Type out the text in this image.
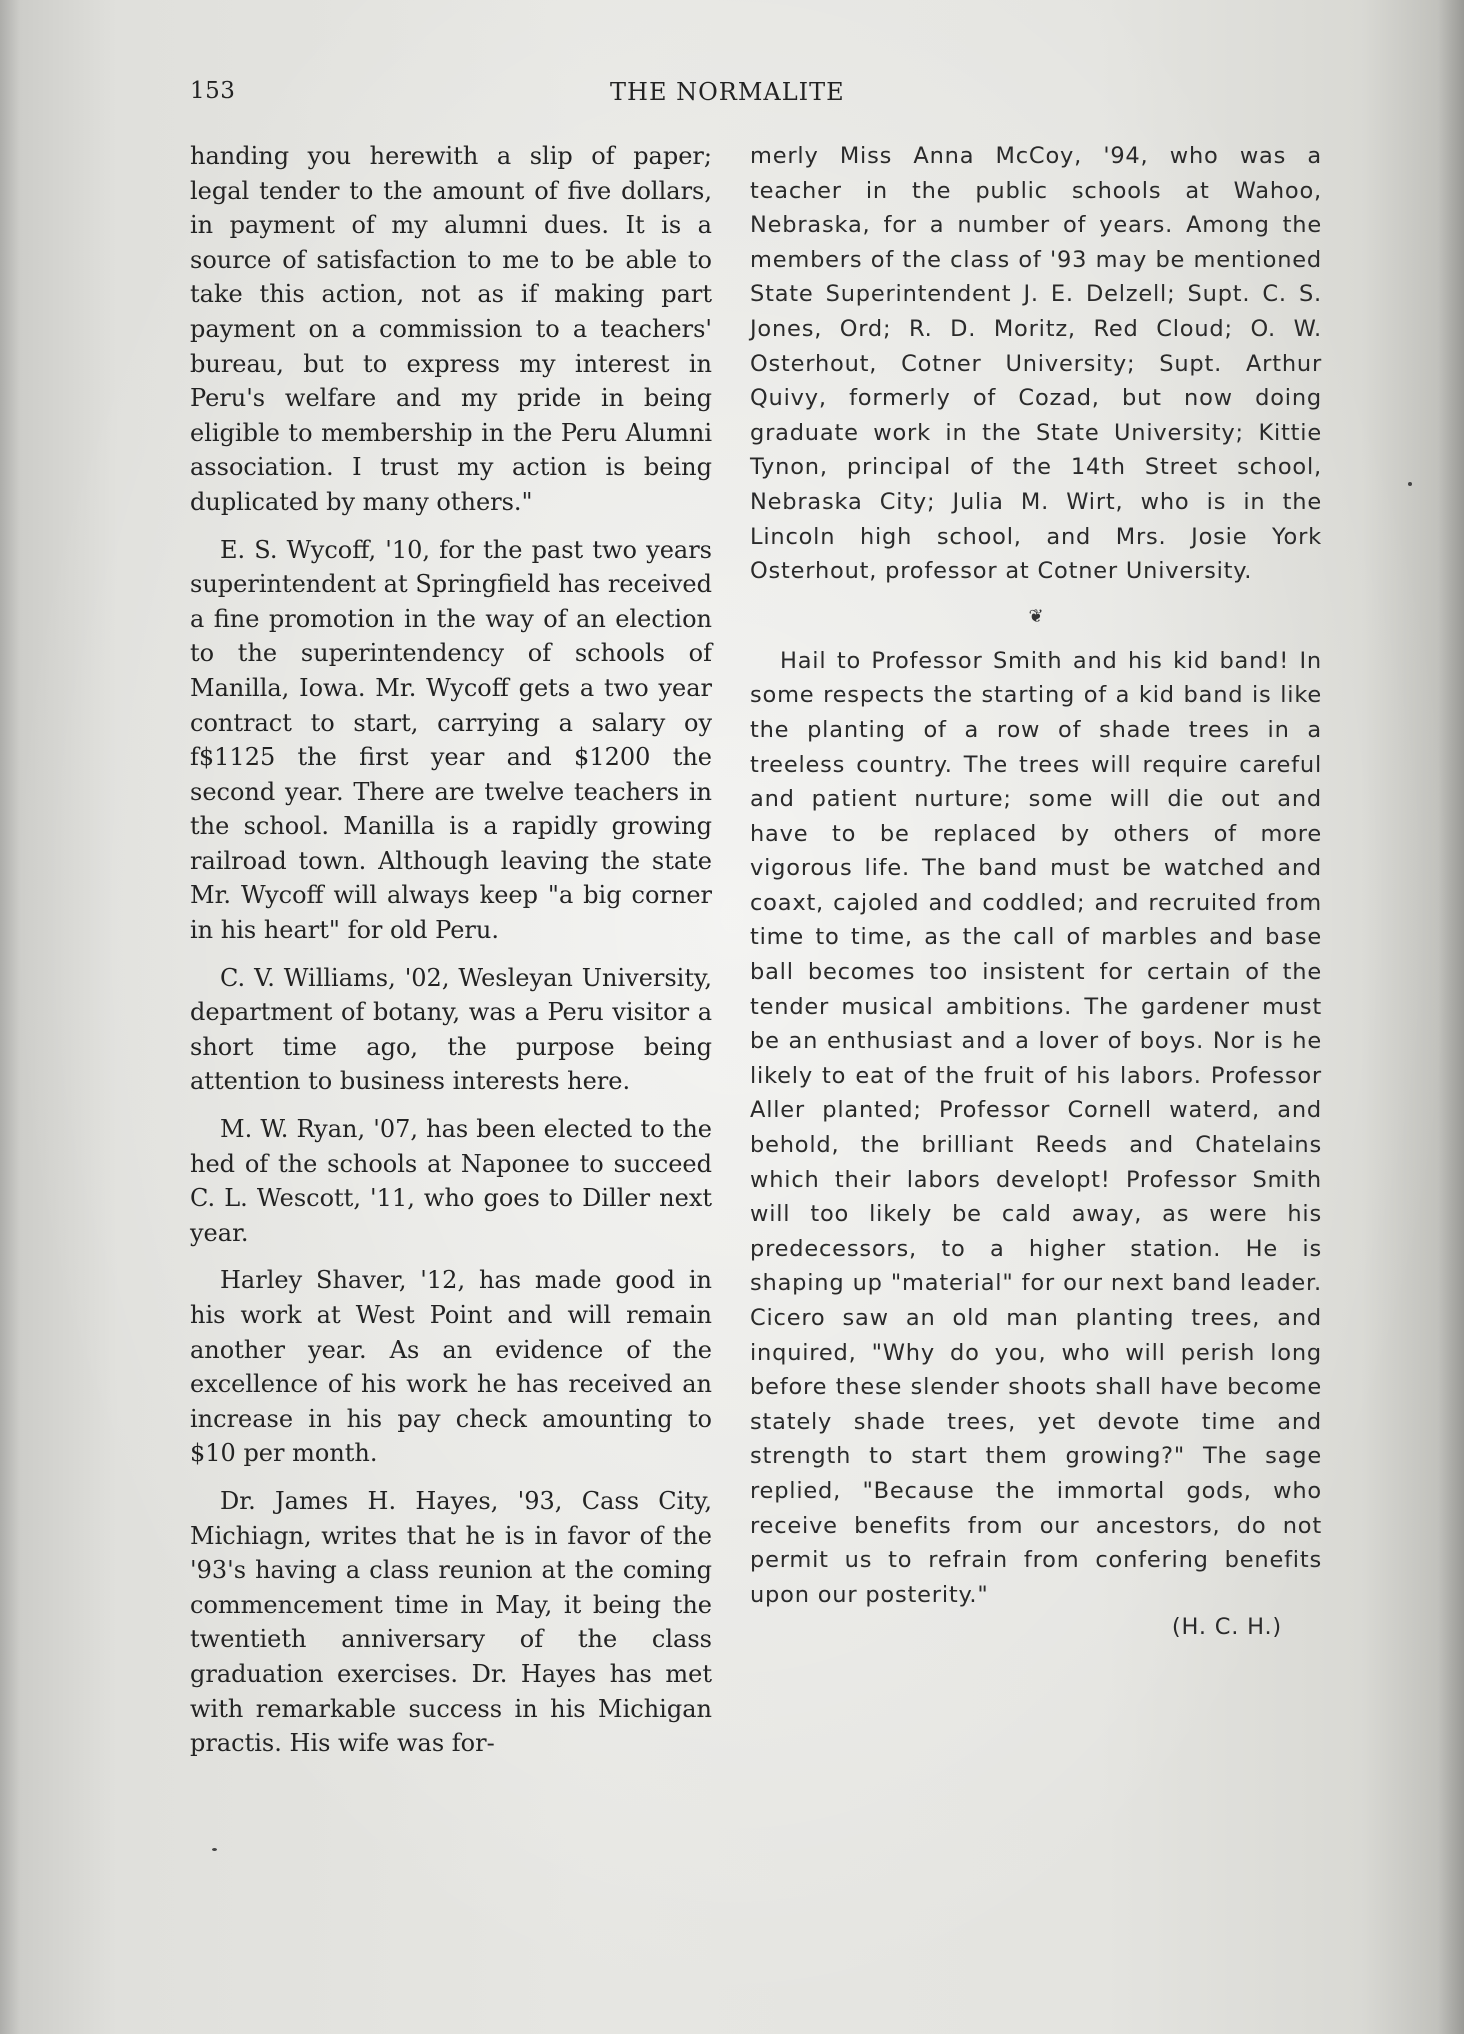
153	THE NORMALITE

handing you herewith a slip of paper; legal tender to the amount of five dollars, in payment of my alumni dues. It is a source of satisfaction to me to be able to take this action, not as if making part payment on a commission to a teachers' bureau, but to express my interest in Peru's welfare and my pride in being eligible to membership in the Peru Alumni association. I trust my action is being duplicated by many others."

E. S. Wycoff, '10, for the past two years superintendent at Springfield has received a fine promotion in the way of an election to the superintendency of schools of Manilla, Iowa. Mr. Wycoff gets a two year contract to start, carrying a salary oy f$1125 the first year and $1200 the second year. There are twelve teachers in the school. Manilla is a rapidly growing railroad town. Although leaving the state Mr. Wycoff will always keep "a big corner in his heart" for old Peru.

C. V. Williams, '02, Wesleyan University, department of botany, was a Peru visitor a short time ago, the purpose being attention to business interests here.

M. W. Ryan, '07, has been elected to the hed of the schools at Naponee to succeed C. L. Wescott, '11, who goes to Diller next year.

Harley Shaver, '12, has made good in his work at West Point and will remain another year. As an evidence of the excellence of his work he has received an increase in his pay check amounting to $10 per month.

Dr. James H. Hayes, '93, Cass City, Michiagn, writes that he is in favor of the '93's having a class reunion at the coming commencement time in May, it being the twentieth anniversary of the class graduation exercises. Dr. Hayes has met with remarkable success in his Michigan practis. His wife was for-

merly Miss Anna McCoy, '94, who was a teacher in the public schools at Wahoo, Nebraska, for a number of years. Among the members of the class of '93 may be mentioned State Superintendent J. E. Delzell; Supt. C. S. Jones, Ord; R. D. Moritz, Red Cloud; O. W. Osterhout, Cotner University; Supt. Arthur Quivy, formerly of Cozad, but now doing graduate work in the State University; Kittie Tynon, principal of the 14th Street school, Nebraska City; Julia M. Wirt, who is in the Lincoln high school, and Mrs. Josie York Osterhout, professor at Cotner University.

❦

Hail to Professor Smith and his kid band! In some respects the starting of a kid band is like the planting of a row of shade trees in a treeless country. The trees will require careful and patient nurture; some will die out and have to be replaced by others of more vigorous life. The band must be watched and coaxt, cajoled and coddled; and recruited from time to time, as the call of marbles and base ball becomes too insistent for certain of the tender musical ambitions. The gardener must be an enthusiast and a lover of boys. Nor is he likely to eat of the fruit of his labors. Professor Aller planted; Professor Cornell waterd, and behold, the brilliant Reeds and Chatelains which their labors developt! Professor Smith will too likely be cald away, as were his predecessors, to a higher station. He is shaping up "material" for our next band leader. Cicero saw an old man planting trees, and inquired, "Why do you, who will perish long before these slender shoots shall have become stately shade trees, yet devote time and strength to start them growing?" The sage replied, "Because the immortal gods, who receive benefits from our ancestors, do not permit us to refrain from confering benefits upon our posterity."

(H. C. H.)
